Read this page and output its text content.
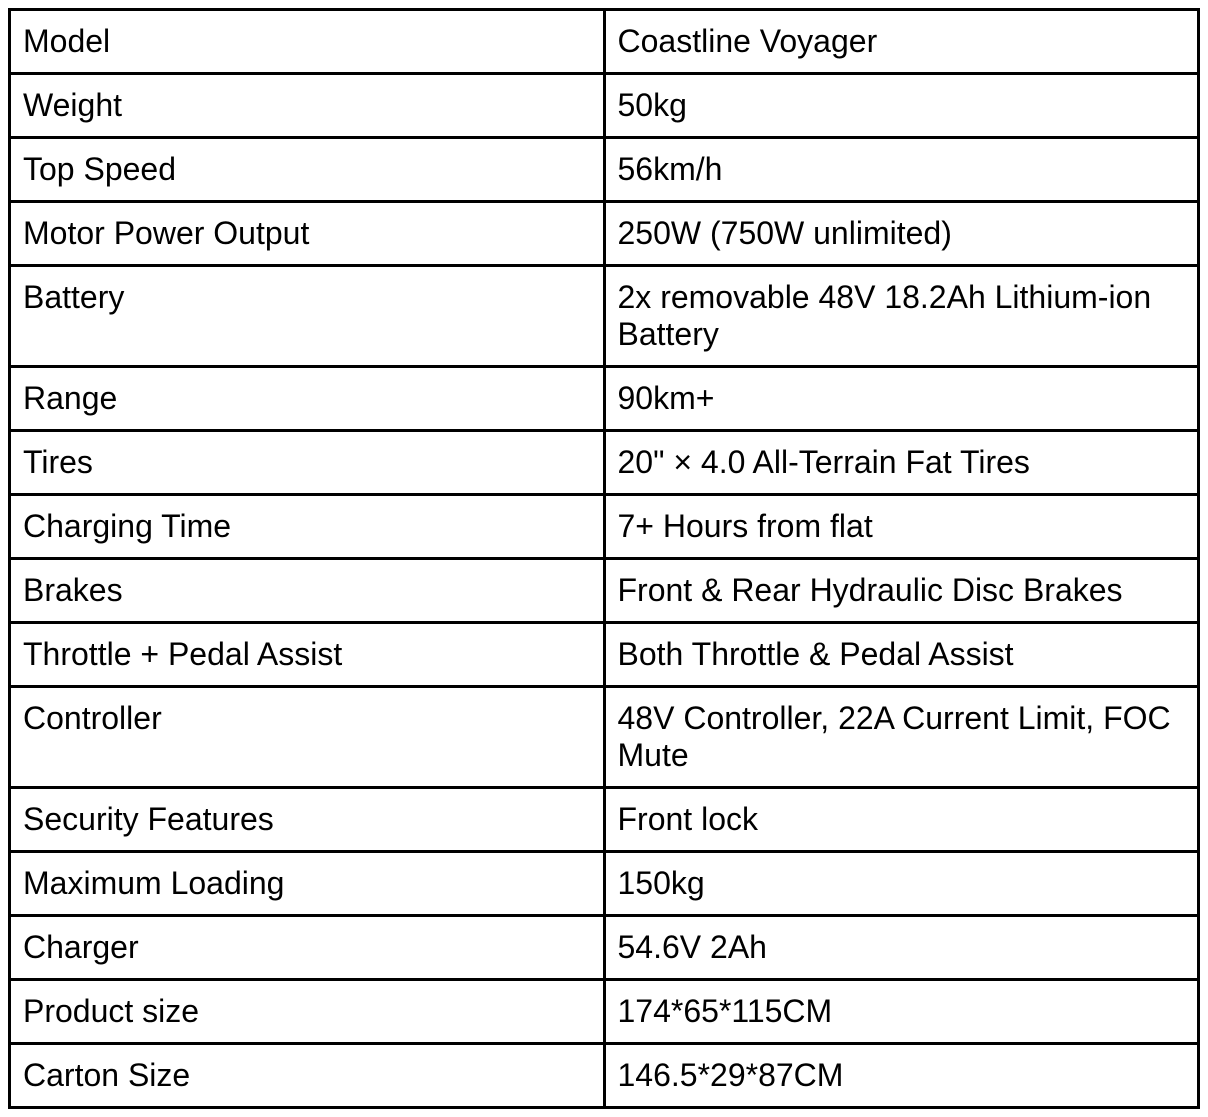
Model	Coastline Voyager
Weight	50kg
Top Speed	56km/h
Motor Power Output	250W (750W unlimited)
Battery	2x removable 48V 18.2Ah Lithium-ion Battery
Range	90km+
Tires	20" × 4.0 All-Terrain Fat Tires
Charging Time	7+ Hours from flat
Brakes	Front & Rear Hydraulic Disc Brakes
Throttle + Pedal Assist	Both Throttle & Pedal Assist
Controller	48V Controller, 22A Current Limit, FOC Mute
Security Features	Front lock
Maximum Loading	150kg
Charger	54.6V 2Ah
Product size	174*65*115CM
Carton Size	146.5*29*87CM
